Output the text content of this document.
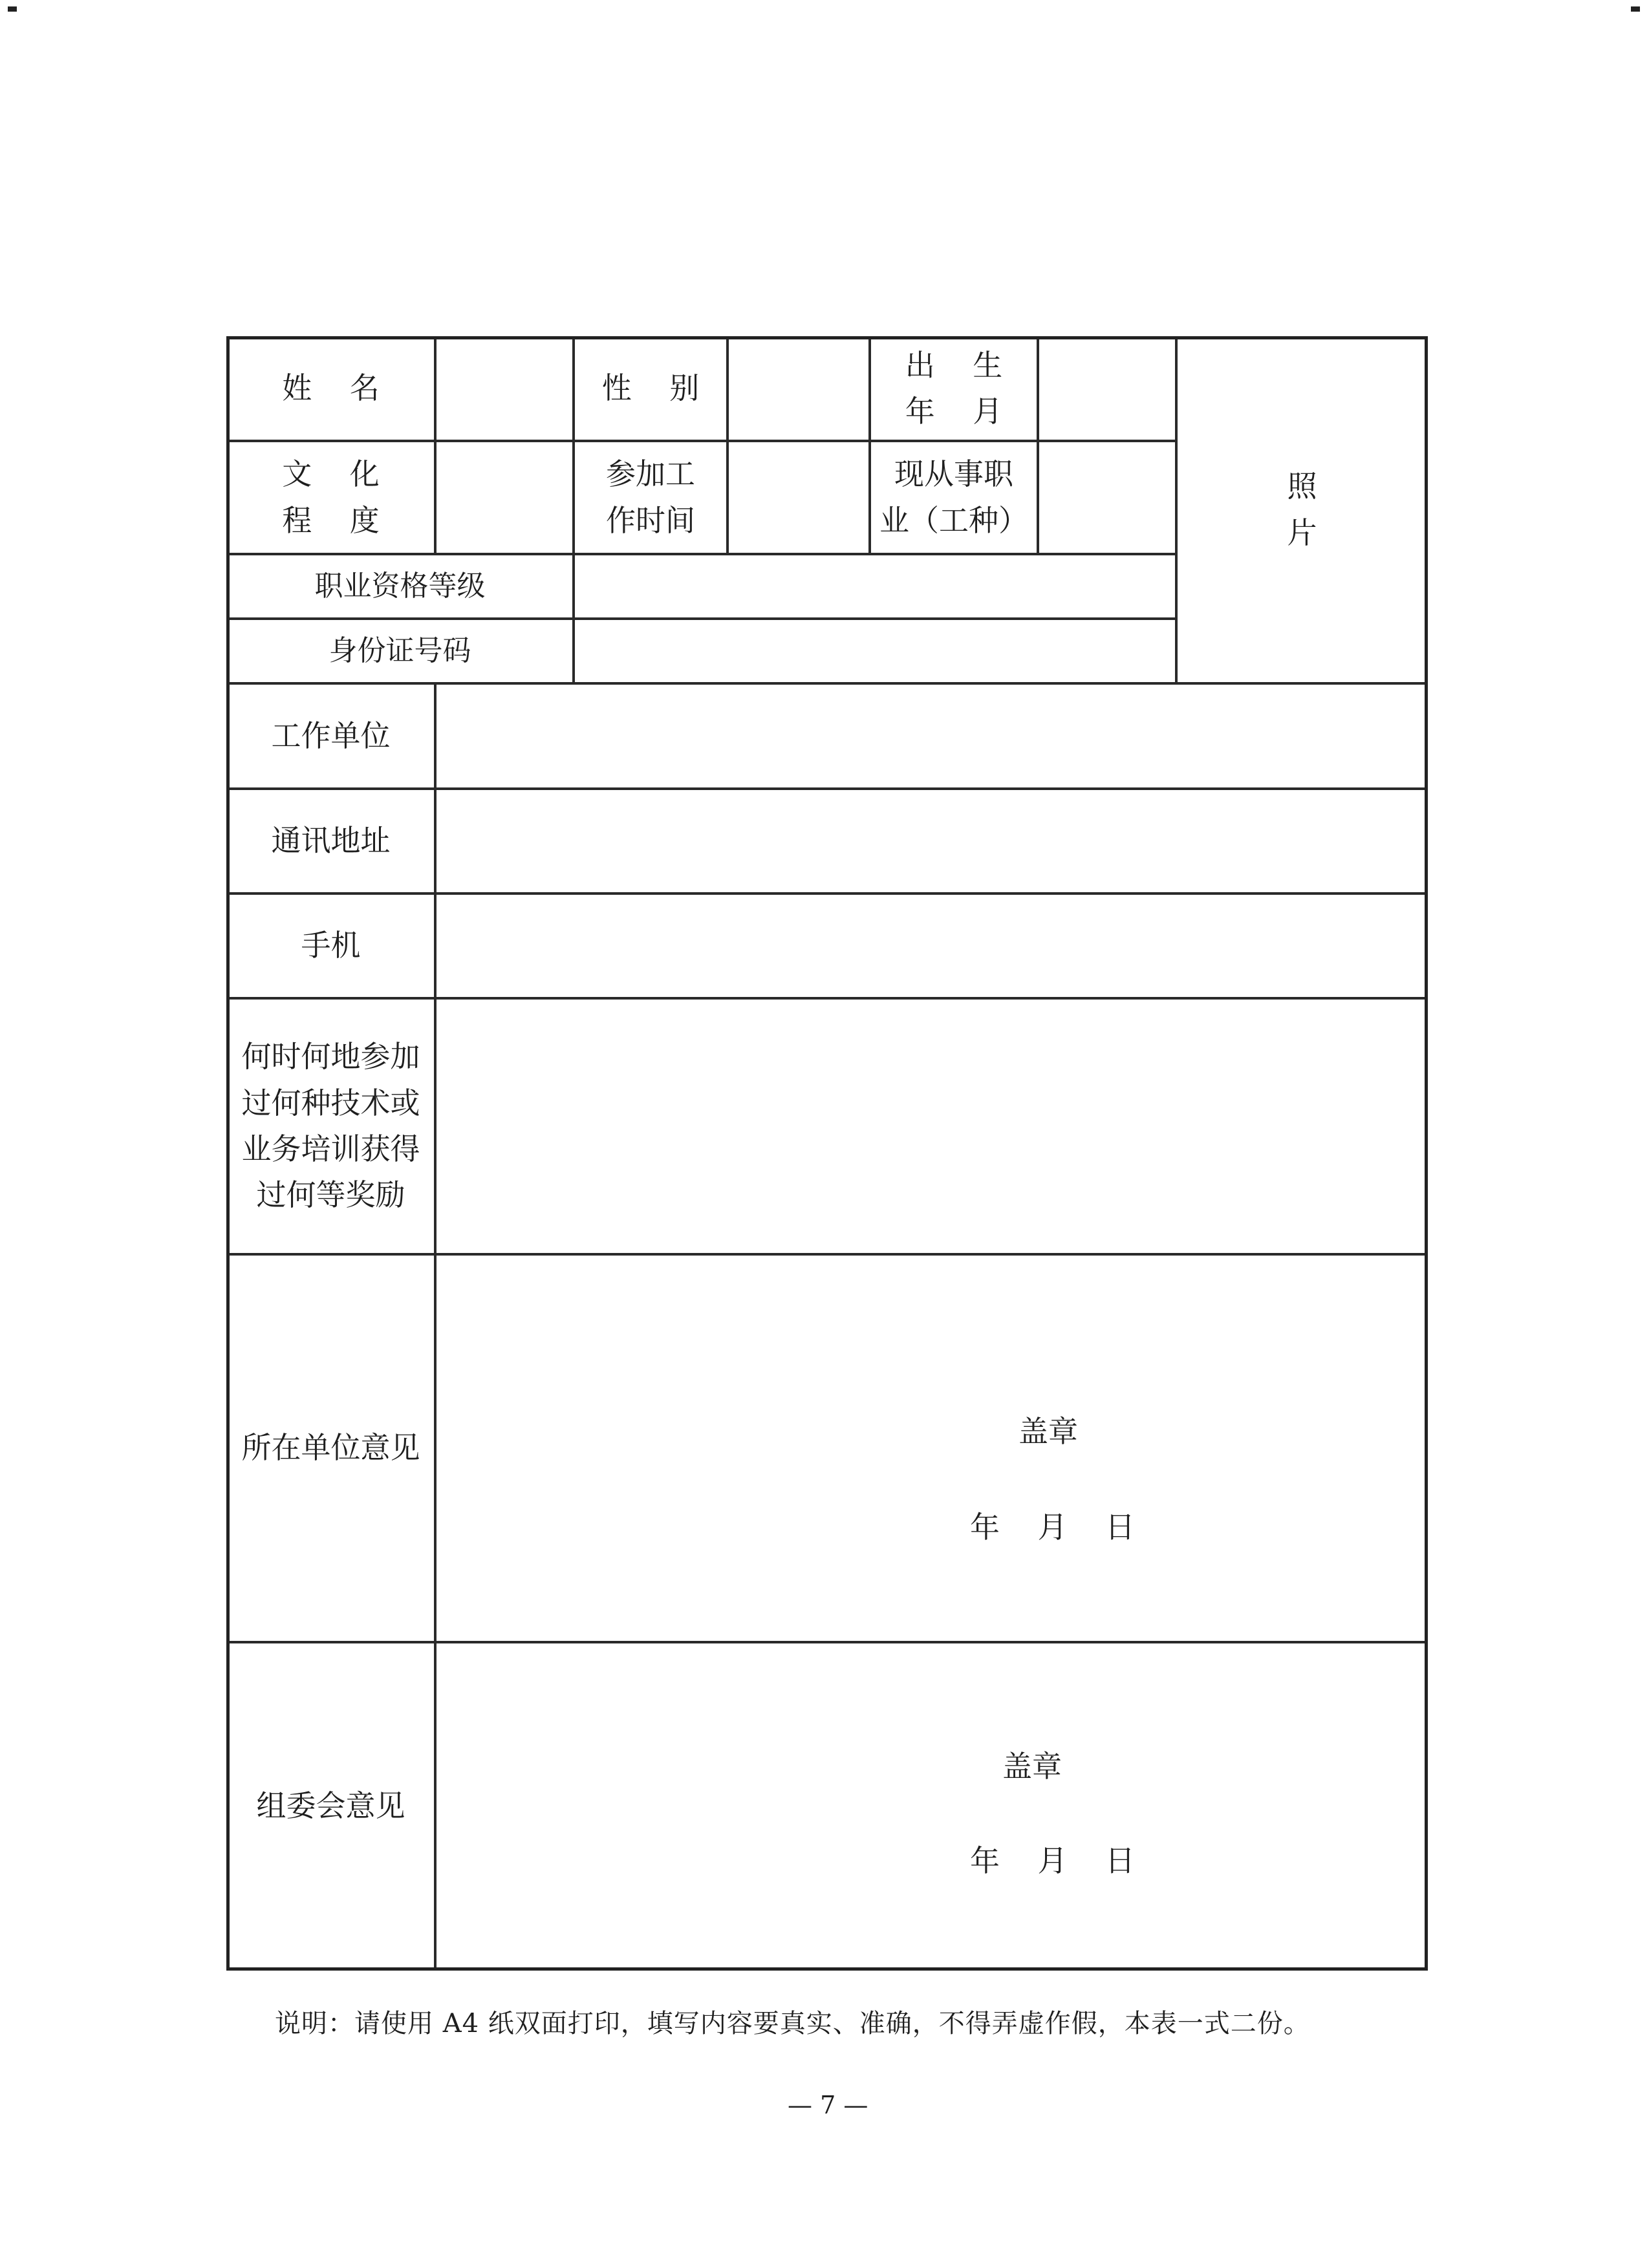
姓    名	性    别
出    生
年    月
文    化
程    度
参加工
作时间
现从事职
业（工种）
照
片
职业资格等级
身份证号码
工作单位
通讯地址
手机
何时何地参加
过何种技术或
业务培训获得
过何等奖励
所在单位意见	盖章
年    月    日
组委会意见
盖章
年    月    日
说明：请使用 A4 纸双面打印，填写内容要真实、准确，不得弄虚作假，本表一式二份。
— 7 —
